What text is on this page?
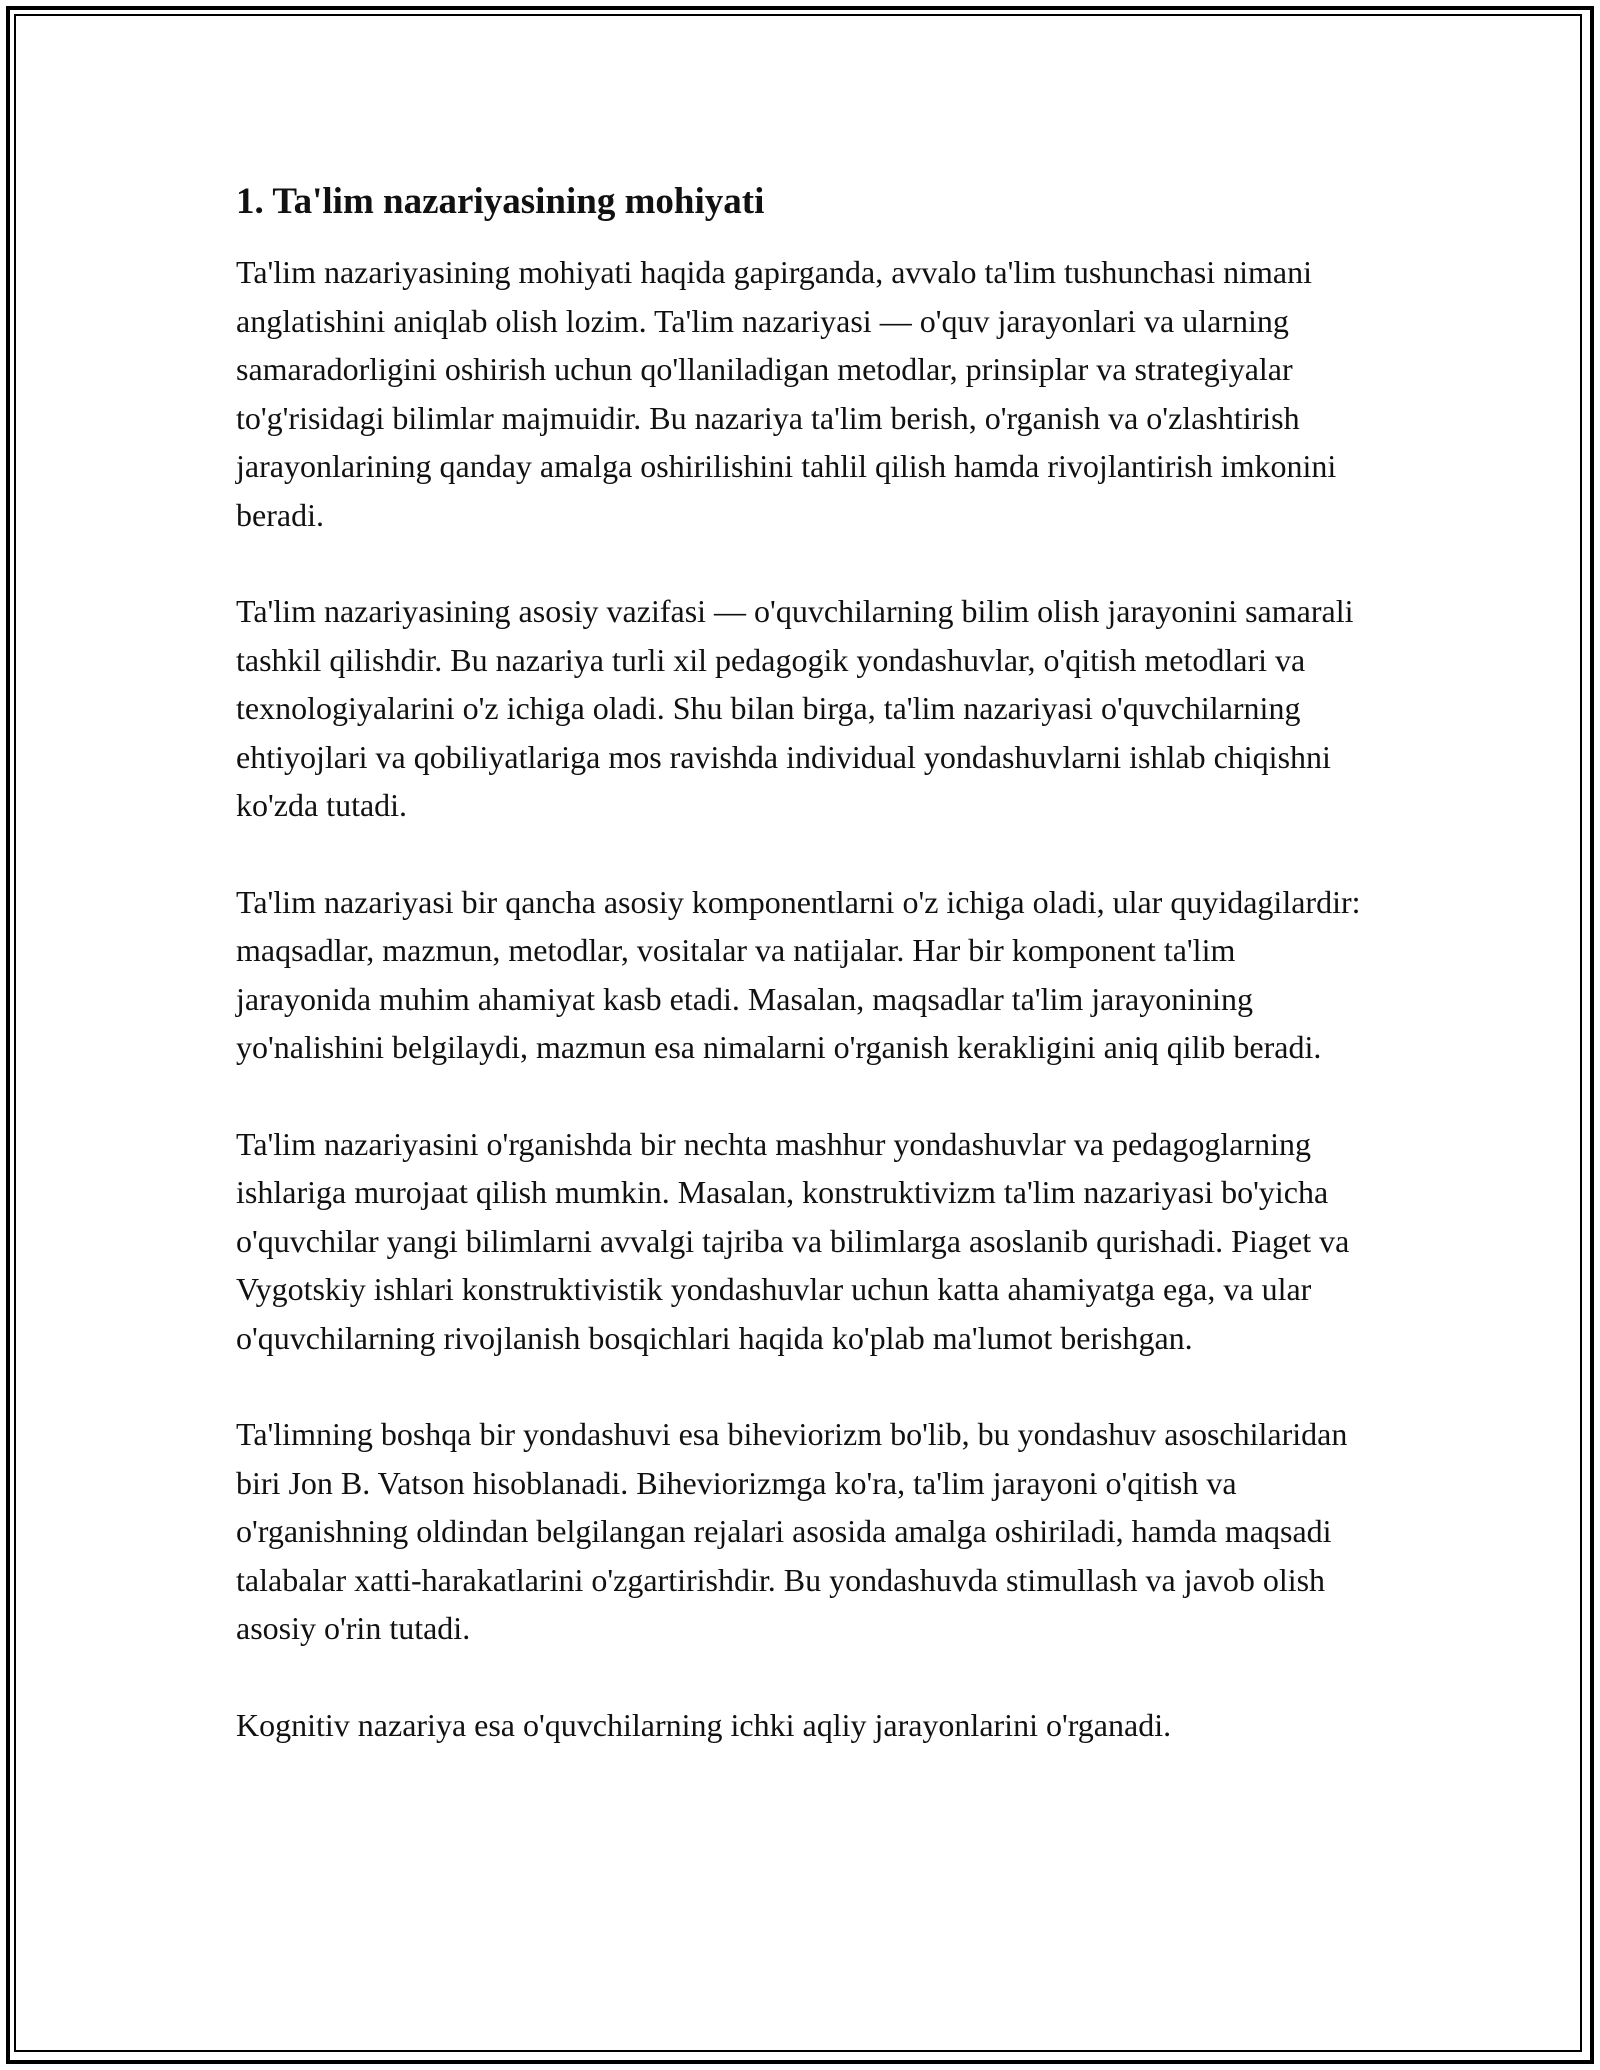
1. Ta'lim nazariyasining mohiyati

Ta'lim nazariyasining mohiyati haqida gapirganda, avvalo ta'lim tushunchasi nimani anglatishini aniqlab olish lozim. Ta'lim nazariyasi — o'quv jarayonlari va ularning samaradorligini oshirish uchun qo'llaniladigan metodlar, prinsiplar va strategiyalar to'g'risidagi bilimlar majmuidir. Bu nazariya ta'lim berish, o'rganish va o'zlashtirish jarayonlarining qanday amalga oshirilishini tahlil qilish hamda rivojlantirish imkonini beradi.

Ta'lim nazariyasining asosiy vazifasi — o'quvchilarning bilim olish jarayonini samarali tashkil qilishdir. Bu nazariya turli xil pedagogik yondashuvlar, o'qitish metodlari va texnologiyalarini o'z ichiga oladi. Shu bilan birga, ta'lim nazariyasi o'quvchilarning ehtiyojlari va qobiliyatlariga mos ravishda individual yondashuvlarni ishlab chiqishni ko'zda tutadi.

Ta'lim nazariyasi bir qancha asosiy komponentlarni o'z ichiga oladi, ular quyidagilardir: maqsadlar, mazmun, metodlar, vositalar va natijalar. Har bir komponent ta'lim jarayonida muhim ahamiyat kasb etadi. Masalan, maqsadlar ta'lim jarayonining yo'nalishini belgilaydi, mazmun esa nimalarni o'rganish kerakligini aniq qilib beradi.

Ta'lim nazariyasini o'rganishda bir nechta mashhur yondashuvlar va pedagoglarning ishlariga murojaat qilish mumkin. Masalan, konstruktivizm ta'lim nazariyasi bo'yicha o'quvchilar yangi bilimlarni avvalgi tajriba va bilimlarga asoslanib qurishadi. Piaget va Vygotskiy ishlari konstruktivistik yondashuvlar uchun katta ahamiyatga ega, va ular o'quvchilarning rivojlanish bosqichlari haqida ko'plab ma'lumot berishgan.

Ta'limning boshqa bir yondashuvi esa biheviorizm bo'lib, bu yondashuv asoschilaridan biri Jon B. Vatson hisoblanadi. Biheviorizmga ko'ra, ta'lim jarayoni o'qitish va o'rganishning oldindan belgilangan rejalari asosida amalga oshiriladi, hamda maqsadi talabalar xatti-harakatlarini o'zgartirishdir. Bu yondashuvda stimullash va javob olish asosiy o'rin tutadi.

Kognitiv nazariya esa o'quvchilarning ichki aqliy jarayonlarini o'rganadi.
